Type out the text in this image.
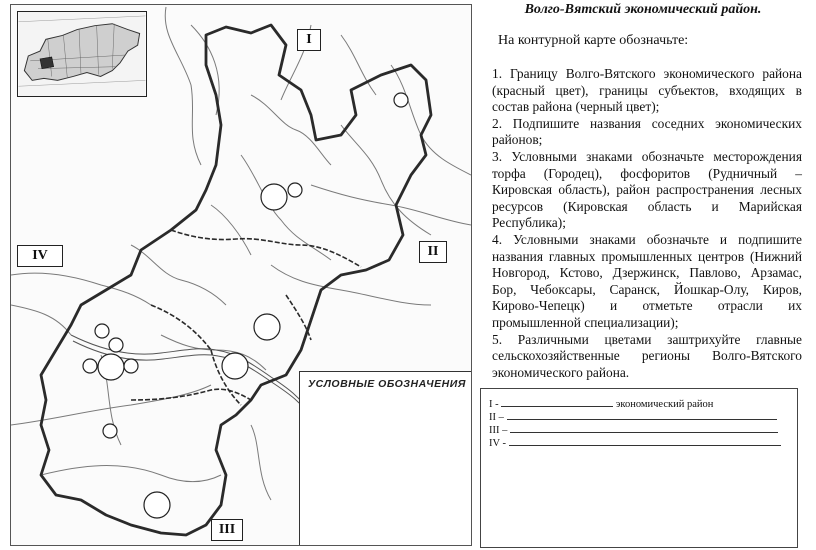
I
II
III
IV
УСЛОВНЫЕ ОБОЗНАЧЕНИЯ
Волго-Вятский экономический район.
На контурной карте обозначьте:

1. Границу Волго-Вятского экономического района (красный цвет), границы субъектов, входящих в состав района (черный цвет);

2. Подпишите названия соседних экономических районов;

3. Условными знаками обозначьте месторождения торфа (Городец), фосфоритов (Рудничный – Кировская область), район распространения лесных ресурсов (Кировская область и Марийская Республика);

4. Условными знаками обозначьте и подпишите названия главных промышленных центров (Нижний Новгород, Кстово, Дзержинск, Павлово, Арзамас, Бор, Чебоксары, Саранск, Йошкар-Олу, Киров, Кирово-Чепецк) и отметьте отрасли их промышленной специализации);

5. Различными цветами заштрихуйте главные сельскохозяйственные регионы Волго-Вятского экономического района.

I -	экономический район
II –
III –
IV -
